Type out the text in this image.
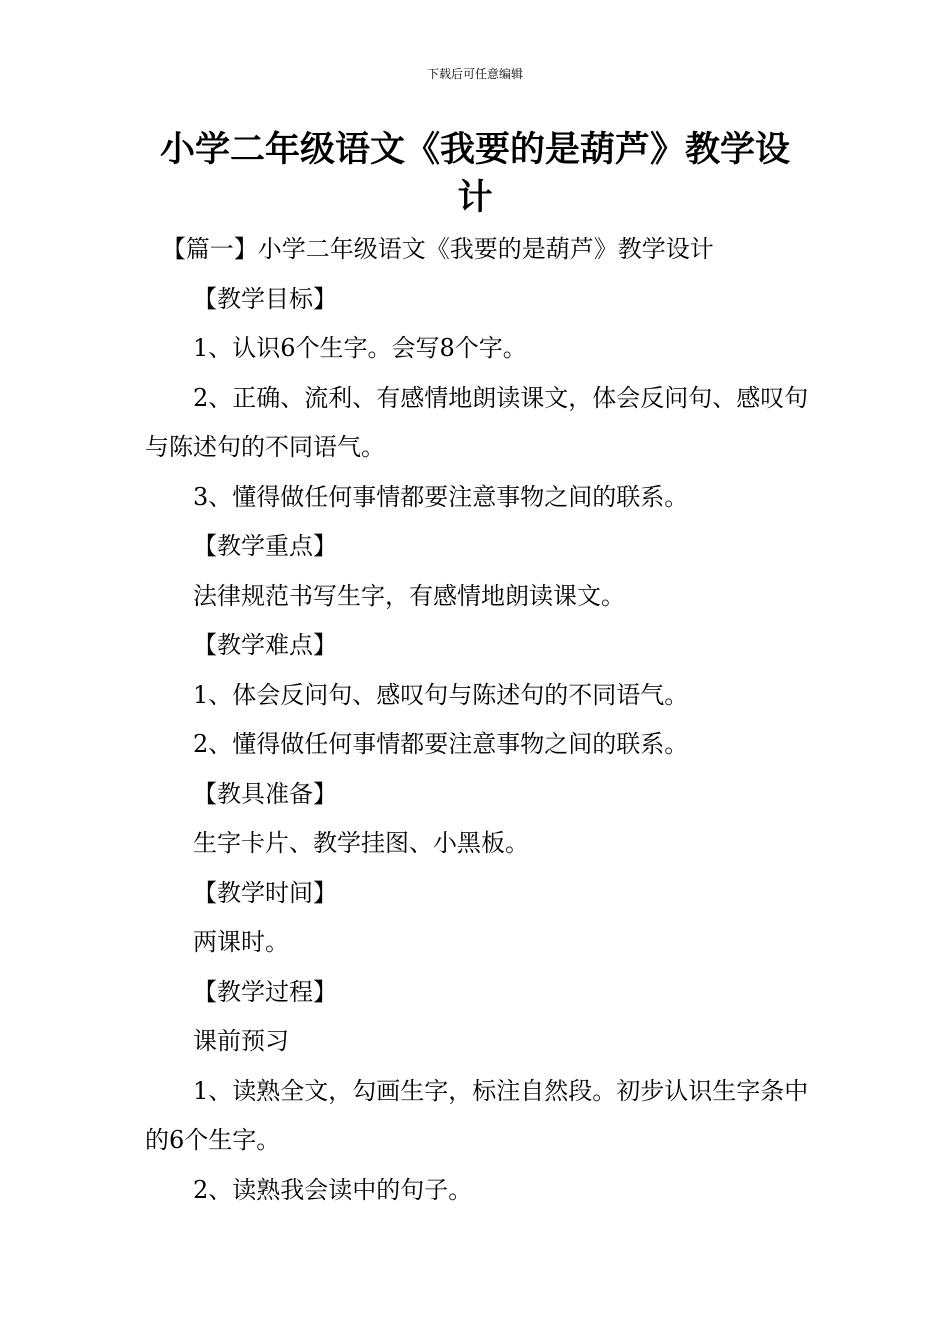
下载后可任意编辑
小学二年级语文《我要的是葫芦》教学设计

【篇一】小学二年级语文《我要的是葫芦》教学设计

【教学目标】

1、认识6个生字。会写8个字。

2、正确、流利、有感情地朗读课文，体会反问句、感叹句与陈述句的不同语气。

3、懂得做任何事情都要注意事物之间的联系。

【教学重点】

法律规范书写生字，有感情地朗读课文。

【教学难点】

1、体会反问句、感叹句与陈述句的不同语气。

2、懂得做任何事情都要注意事物之间的联系。

【教具准备】

生字卡片、教学挂图、小黑板。

【教学时间】

两课时。

【教学过程】

课前预习

1、读熟全文，勾画生字，标注自然段。初步认识生字条中的6个生字。

2、读熟我会读中的句子。
